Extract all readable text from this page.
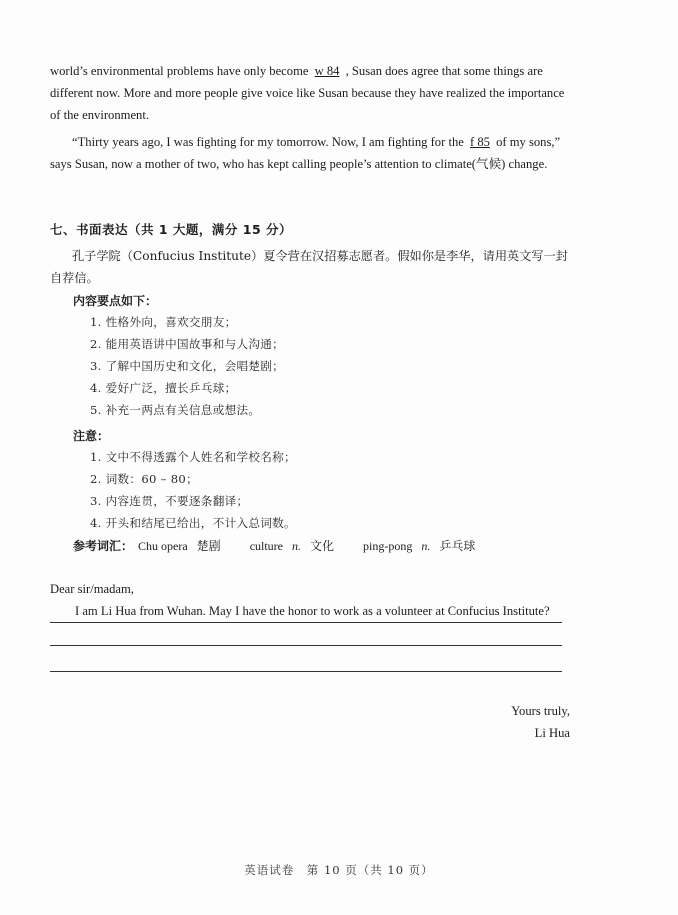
world’s environmental problems have only become w 84 , Susan does agree that some things are different now. More and more people give voice like Susan because they have realized the importance of the environment.
“Thirty years ago, I was fighting for my tomorrow. Now, I am fighting for the f 85 of my sons,” says Susan, now a mother of two, who has kept calling people’s attention to climate(气候) change.
七、书面表达（共 1 大题，满分 15 分）
孔子学院（Confucius Institute）夏令营在汉招募志愿者。假如你是李华，请用英文写一封自荐信。
内容要点如下：
1. 性格外向，喜欢交朋友；
2. 能用英语讲中国故事和与人沟通；
3. 了解中国历史和文化，会唱楚剧；
4. 爱好广泛，擅长乒乓球；
5. 补充一两点有关信息或想法。
注意：
1. 文中不得透露个人姓名和学校名称；
2. 词数：60 – 80；
3. 内容连贯，不要逐条翻译；
4. 开头和结尾已给出，不计入总词数。
参考词汇： Chu opera 楚剧 culture n. 文化 ping-pong n. 乒乓球
Dear sir/madam,
I am Li Hua from Wuhan. May I have the honor to work as a volunteer at Confucius Institute?
Yours truly,
Li Hua
英语试卷　第 10 页（共 10 页）
